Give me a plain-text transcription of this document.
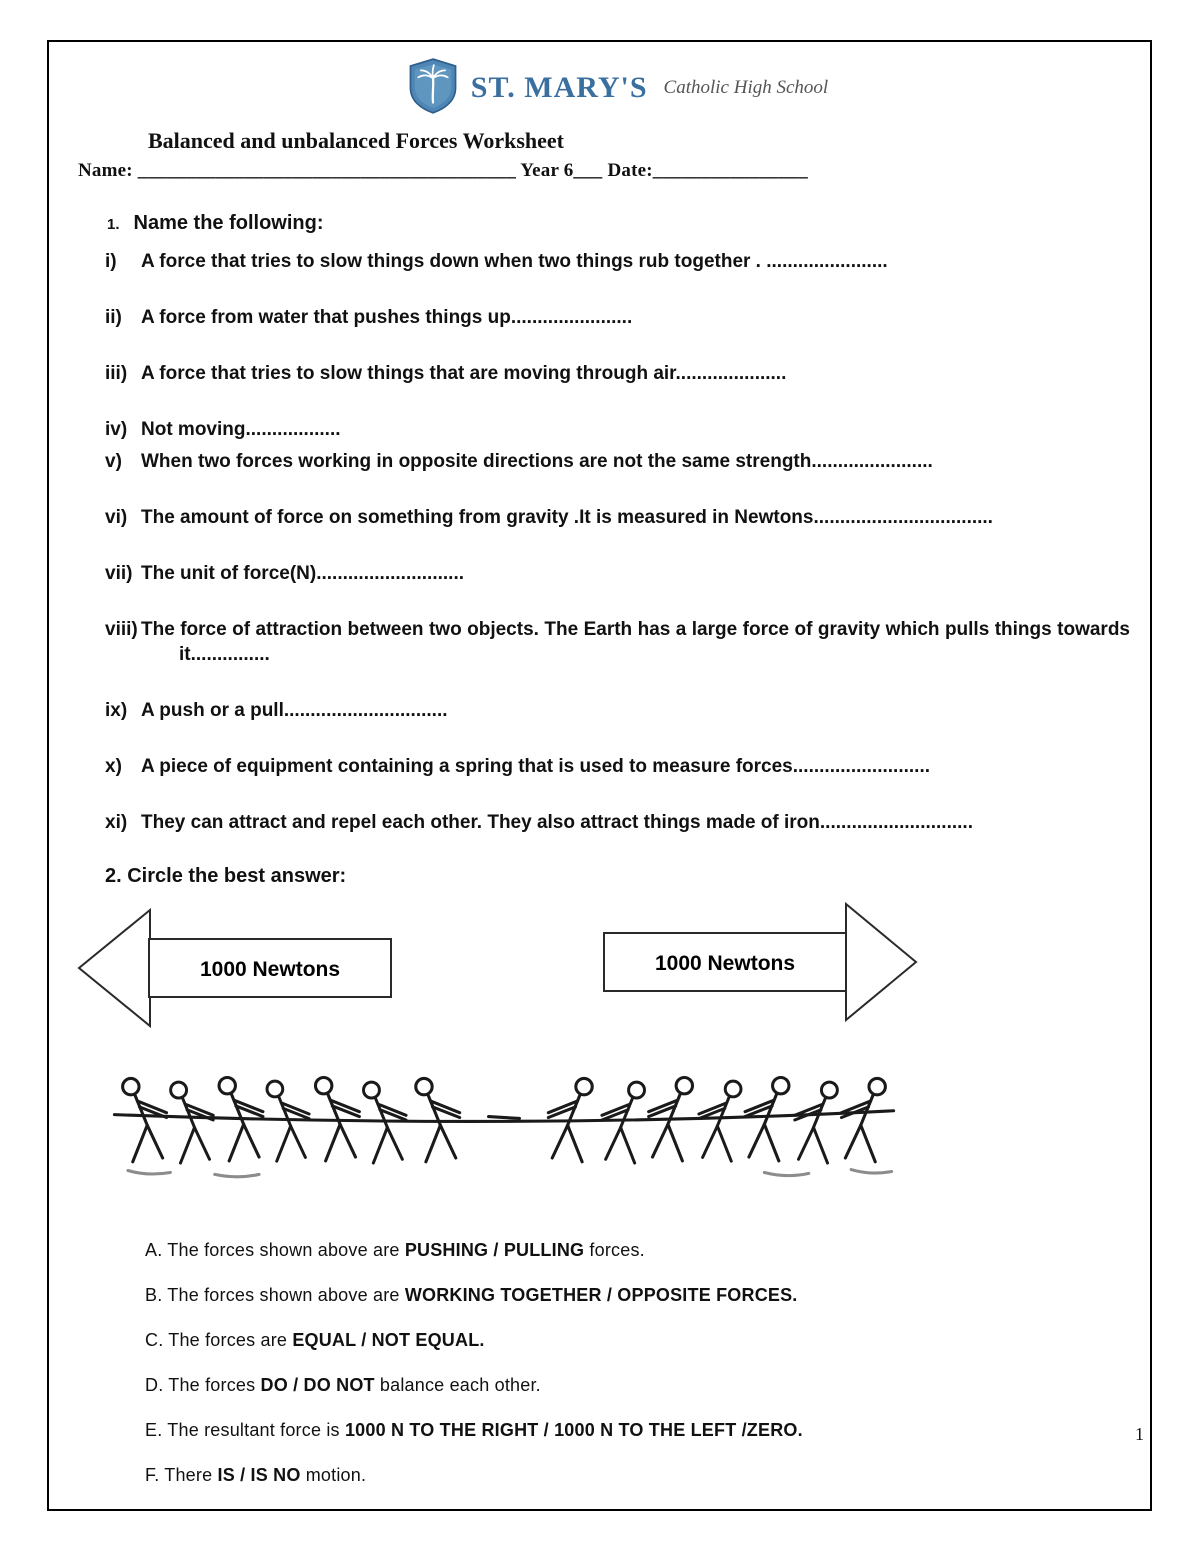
ST. MARY'S Catholic High School
Balanced and unbalanced Forces Worksheet
Name: _______________________________________ Year 6___ Date:________________
1. Name the following:
i) A force that tries to slow things down when two things rub together . .......................
ii) A force from water that pushes things up.......................
iii) A force that tries to slow things that are moving through air.....................
iv) Not moving..................
v) When two forces working in opposite directions are not the same strength.......................
vi) The amount of force on something from gravity .It is measured in Newtons..................................
vii) The unit of force(N)............................
viii) The force of attraction between two objects. The Earth has a large force of gravity which pulls things towards it...............
ix) A push or a pull...............................
x) A piece of equipment containing a spring that is used to measure forces..........................
xi) They can attract and repel each other. They also attract things made of iron.............................
2. Circle the best answer:
1000 Newtons	1000 Newtons
A. The forces shown above are PUSHING / PULLING forces.
B. The forces shown above are WORKING TOGETHER / OPPOSITE FORCES.
C. The forces are EQUAL / NOT EQUAL.
D. The forces DO / DO NOT balance each other.
E. The resultant force is 1000 N TO THE RIGHT / 1000 N TO THE LEFT /ZERO.
F. There IS / IS NO motion.
1
